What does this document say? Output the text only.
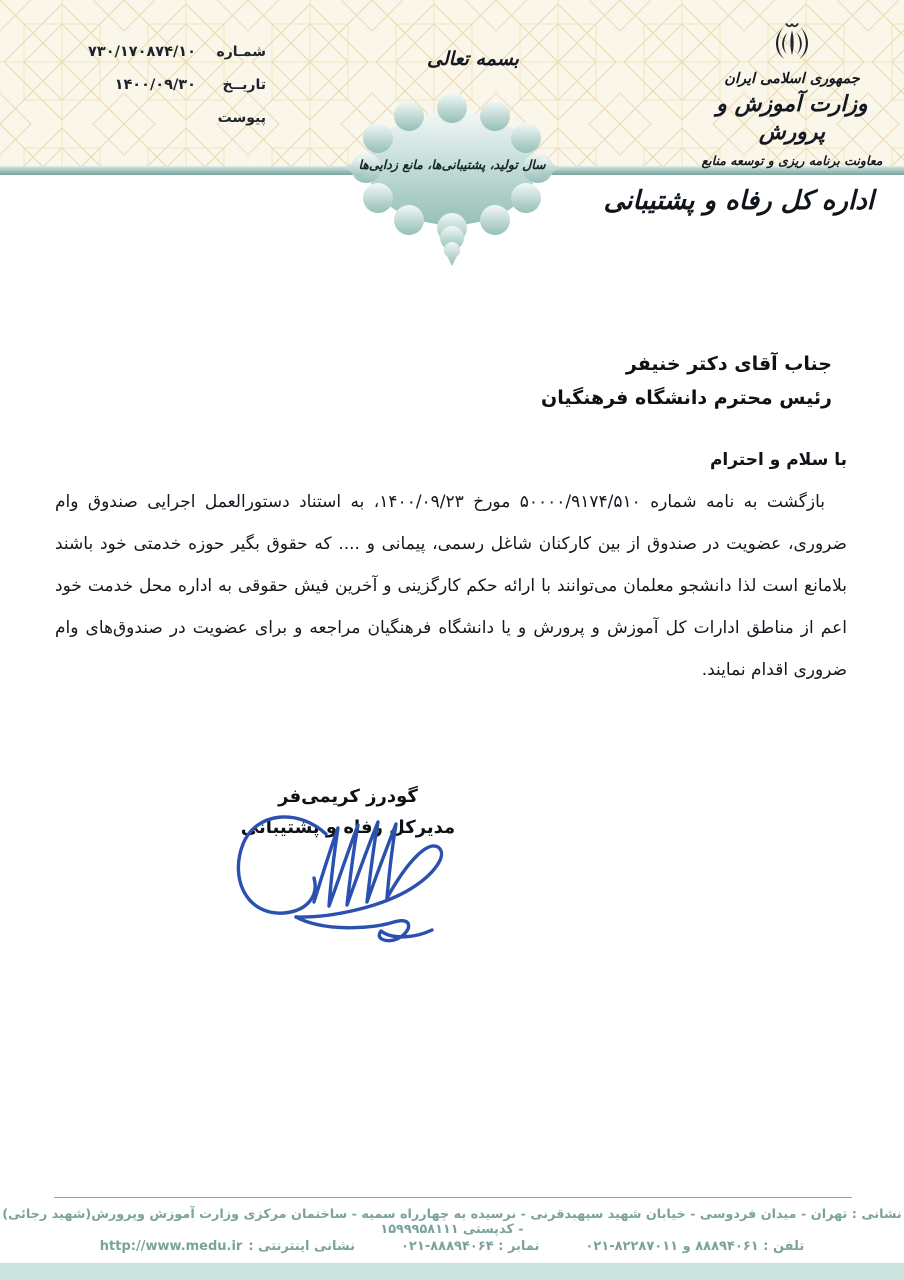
شمـاره
۷۳۰/۱۷۰۸۷۴/۱۰
تاریــخ
۱۴۰۰/۰۹/۳۰
پیوست
بسمه تعالی
جمهوری اسلامی ایران
وزارت آموزش و پرورش
معاونت برنامه ریزی و توسعه منابع
سال تولید، پشتیبانی‌ها، مانع زدایی‌ها
اداره کل رفاه و پشتیبانی
جناب آقای دکتر خنیفر
رئیس محترم دانشگاه فرهنگیان
با سلام و احترام
بازگشت به نامه شماره ۵۰۰۰۰/۹۱۷۴/۵۱۰ مورخ ۱۴۰۰/۰۹/۲۳، به استناد دستورالعمل اجرایی صندوق وام
ضروری، عضویت در صندوق از بین کارکنان شاغل رسمی، پیمانی و .... که حقوق بگیر حوزه خدمتی خود باشند
بلامانع است لذا دانشجو معلمان می‌توانند با ارائه حکم کارگزینی و آخرین فیش حقوقی به اداره محل خدمت خود
اعم از مناطق ادارات کل آموزش و پرورش و یا دانشگاه فرهنگیان مراجعه و برای عضویت در صندوق‌های وام
ضروری اقدام نمایند.
گودرز کریمی‌فر
مدیرکل رفاه و پشتیبانی
نشانی : تهران - میدان فردوسی - خیابان شهید سپهبدقرنی - نرسیده به چهارراه سمیه - ساختمان مرکزی وزارت آموزش وپرورش(شهید رجائی) - کدپستی ۱۵۹۹۹۵۸۱۱۱
تلفن : ۸۸۸۹۴۰۶۱ و ۸۲۲۸۷۰۱۱-۰۲۱
نمابر : ۸۸۸۹۴۰۶۴-۰۲۱
نشانی اینترنتی :
http://www.medu.ir
